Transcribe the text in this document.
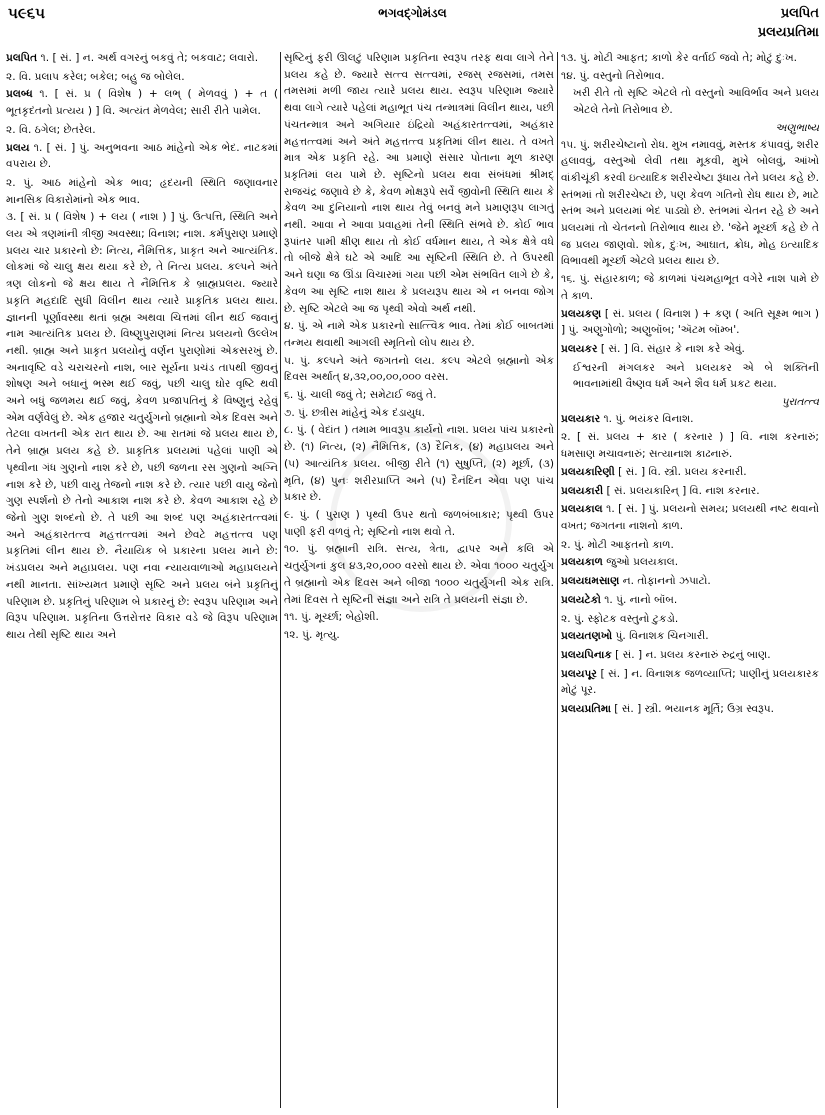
૫૯૬૫	ભગવદ્ગોમંડલ	પ્રલપિત
પ્રલયપ્રતિમા

પ્રલપિત ૧. [ સં. ] ન. અર્થ વગરનું બકવું તે; બકવાટ; લવારો.

૨. વિ. પ્રલાપ કરેલ; બકેલ; બહુ જ બોલેલ.

પ્રલબ્ધ ૧. [ સં. પ્ર ( વિશેષ ) + લભ્ ( મેળવવું ) + ત ( ભૂતકૃદંતનો પ્રત્યય ) ] વિ. અત્યંત મેળવેલ; સારી રીતે પામેલ.

૨. વિ. ઠગેલ; છેતરેલ.

પ્રલય ૧. [ સં. ] પું. અનુભવના આઠ માંહેનો એક ભેદ. નાટકમાં વપરાય છે.

૨. પું. આઠ માંહેનો એક ભાવ; હૃદયની સ્થિતિ જણાવનાર માનસિક વિકારોમાંનો એક ભાવ.

૩. [ સં. પ્ર ( વિશેષ ) + લય ( નાશ ) ] પું. ઉત્પત્તિ, સ્થિતિ અને લય એ ત્રણમાંની ત્રીજી અવસ્થા; વિનાશ; નાશ. કર્મપુરાણ પ્રમાણે પ્રલય ચાર પ્રકારનો છે: નિત્ય, નૈમિત્તિક, પ્રાકૃત અને આત્યંતિક. લોકમાં જે ચાલુ ક્ષય થયા કરે છે, તે નિત્ય પ્રલય. કલ્પને અંતે ત્રણ લોકનો જે ક્ષય થાય તે નૈમિત્તિક કે બ્રાહ્મપ્રલય. જ્યારે પ્રકૃતિ મહદાદિ સુધી વિલીન થાય ત્યારે પ્રાકૃતિક પ્રલય થાય. જ્ઞાનની પૂર્ણાવસ્થા થતાં બ્રહ્મ અથવા ચિત્તમાં લીન થઈ જવાનું નામ આત્યંતિક પ્રલય છે. વિષ્ણુપુરાણમાં નિત્ય પ્રલયનો ઉલ્લેખ નથી. બ્રાહ્મ અને પ્રાકૃત પ્રલયોનું વર્ણન પુરાણોમાં એકસરખું છે. અનાવૃષ્ટિ વડે ચરાચરનો નાશ, બાર સૂર્યના પ્રચંડ તાપથી જીવનું શોષણ અને બધાનું ભસ્મ થઈ જવું, પછી ચાલુ ઘોર વૃષ્ટિ થવી અને બધું જળમય થઈ જવું, કેવળ પ્રજાપતિનું કે વિષ્ણુનું રહેવું એમ વર્ણવેલું છે. એક હજાર ચતુર્યુગનો બ્રહ્માનો એક દિવસ અને તેટલા વખતની એક રાત થાય છે. આ રાતમાં જે પ્રલય થાય છે, તેને બ્રાહ્મ પ્રલય કહે છે. પ્રાકૃતિક પ્રલયમાં પહેલાં પાણી એ પૃથ્વીના ગંધ ગુણનો નાશ કરે છે, પછી જળના રસ ગુણનો અગ્નિ નાશ કરે છે, પછી વાયુ તેજનો નાશ કરે છે. ત્યાર પછી વાયુ જેનો ગુણ સ્પર્શનો છે તેનો આકાશ નાશ કરે છે. કેવળ આકાશ રહે છે જેનો ગુણ શબ્દનો છે. તે પછી આ શબ્દ પણ અહંકારતત્ત્વમાં અને અહંકારતત્ત્વ મહત્તત્ત્વમાં અને છેવટે મહત્તત્ત્વ પણ પ્રકૃતિમાં લીન થાય છે. નૈયાયિક બે પ્રકારના પ્રલય માને છે: ખંડપ્રલય અને મહાપ્રલય. પણ નવા ન્યાયવાળાઓ મહાપ્રલયને નથી માનતા. સાંખ્યમત પ્રમાણે સૃષ્ટિ અને પ્રલય બંને પ્રકૃતિનું પરિણામ છે. પ્રકૃતિનું પરિણામ બે પ્રકારનું છે: સ્વરૂપ પરિણામ અને વિરૂપ પરિણામ. પ્રકૃતિના ઉત્તરોત્તર વિકાર વડે જે વિરૂપ પરિણામ થાય તેથી સૃષ્ટિ થાય અને

સૃષ્ટિનું ફરી ઊલટું પરિણામ પ્રકૃતિના સ્વરૂપ તરફ થવા લાગે તેને પ્રલય કહે છે. જ્યારે સત્ત્વ સત્ત્વમાં, રજસ્ રજસમાં, તમસ તમસમાં મળી જાય ત્યારે પ્રલય થાય. સ્વરૂપ પરિણામ જ્યારે થવા લાગે ત્યારે પહેલાં મહાભૂત પંચ તન્માત્રમાં વિલીન થાય, પછી પંચતન્માત્ર અને અગિયાર ઇંદ્રિયો અહંકારતત્ત્વમાં, અહંકાર મહત્તત્ત્વમાં અને અંતે મહત્તત્ત્વ પ્રકૃતિમાં લીન થાય. તે વખતે માત્ર એક પ્રકૃતિ રહે. આ પ્રમાણે સંસાર પોતાના મૂળ કારણ પ્રકૃતિમાં લય પામે છે. સૃષ્ટિનો પ્રલય થવા સંબંધમાં શ્રીમદ્ રાજચંદ્ર જણાવે છે કે, કેવળ મોક્ષરૂપે સર્વે જીવોની સ્થિતિ થાય કે કેવળ આ દુનિયાનો નાશ થાય તેવું બનવું મને પ્રમાણરૂપ લાગતું નથી. આવા ને આવા પ્રવાહમાં તેની સ્થિતિ સંભવે છે. કોઈ ભાવ રૂપાંતર પામી ક્ષીણ થાય તો કોઈ વર્ધમાન થાય, તે એક ક્ષેત્રે વધે તો બીજે ક્ષેત્રે ઘટે એ આદિ આ સૃષ્ટિની સ્થિતિ છે. તે ઉપરથી અને ઘણા જ ઊંડા વિચારમાં ગયા પછી એમ સંભવિત લાગે છે કે, કેવળ આ સૃષ્ટિ નાશ થાય કે પ્રલયરૂપ થાય એ ન બનવા જોગ છે. સૃષ્ટિ એટલે આ જ પૃથ્વી એવો અર્થ નથી.

૪. પું. એ નામે એક પ્રકારનો સાત્ત્વિક ભાવ. તેમાં કોઈ બાબતમાં તન્મય થવાથી આગલી સ્મૃતિનો લોપ થાય છે.

૫. પું. કલ્પને અંતે જગતનો લય. કલ્પ એટલે બ્રહ્માનો એક દિવસ અર્થાત્ ૪,૩૨,૦૦,૦૦,૦૦૦ વરસ.

૬. પું. ચાલી જવું તે; સમેટાઈ જવું તે.

૭. પું. છત્રીસ માંહેનું એક દંડાયુધ.

૮. પું. ( વેદાંત ) તમામ ભાવરૂપ કાર્યનો નાશ. પ્રલય પાંચ પ્રકારનો છે. (૧) નિત્ય, (૨) નૈમિત્તિક, (૩) દૈનિક, (૪) મહાપ્રલય અને (૫) આત્યંતિક પ્રલય. બીજી રીતે (૧) સુષુપ્તિ, (૨) મૂર્છા, (૩) મૃતિ, (૪) પુનઃ શરીરપ્રાપ્તિ અને (૫) દૈનંદિન એવા પણ પાંચ પ્રકાર છે.

૯. પું. ( પુરાણ ) પૃથ્વી ઉપર થતો જળબંબાકાર; પૃથ્વી ઉપર પાણી ફરી વળવું તે; સૃષ્ટિનો નાશ થવો તે.

૧૦. પું. બ્રહ્માની રાત્રિ. સત્ય, ત્રેતા, દ્વાપર અને કલિ એ ચતુર્યુગનાં કુલ ૪૩,૨૦,૦૦૦ વરસો થાય છે. એવા ૧૦૦૦ ચતુર્યુગ તે બ્રહ્માનો એક દિવસ અને બીજા ૧૦૦૦ ચતુર્યુગની એક રાત્રિ. તેમાં દિવસ તે સૃષ્ટિની સંજ્ઞા અને રાત્રિ તે પ્રલયની સંજ્ઞા છે.

૧૧. પું. મૂર્ચ્છા; બેહોશી.

૧૨. પું. મૃત્યુ.

૧૩. પું. મોટી આફત; કાળો કેર વર્તાઈ જવો તે; મોટું દુઃખ.

૧૪. પું. વસ્તુનો તિરોભાવ.

ખરી રીતે તો સૃષ્ટિ એટલે તો વસ્તુનો આવિર્ભાવ અને પ્રલય એટલે તેનો તિરોભાવ છે.

અણુભાષ્ય

૧૫. પું. શરીરચેષ્ટાનો રોધ. મુખ નમાવવું, મસ્તક કંપાવવું, શરીર હલાવવું, વસ્તુઓ લેવી તથા મૂકવી, મુખે બોલવું, આંખો વાંકીચૂંકી કરવી ઇત્યાદિક શરીરચેષ્ટા રૂંધાય તેને પ્રલય કહે છે. સ્તંભમાં તો શરીરચેષ્ટા છે, પણ કેવળ ગતિનો રોધ થાય છે, માટે સ્તંભ અને પ્રલયમાં ભેદ પાડ્યો છે. સ્તંભમાં ચેતન રહે છે અને પ્રલયમાં તો ચેતનનો તિરોભાવ થાય છે. 'જેને મૂર્ચ્છા કહે છે તે જ પ્રલય જાણવો. શોક, દુઃખ, આઘાત, ક્રોધ, મોહ ઇત્યાદિક વિભાવથી મૂર્ચ્છા એટલે પ્રલય થાય છે.

૧૬. પું. સંહારકાળ; જે કાળમાં પંચમહાભૂત વગેરે નાશ પામે છે તે કાળ.

પ્રલયકણ [ સં. પ્રલય ( વિનાશ ) + કણ ( અતિ સૂક્ષ્મ ભાગ ) ] પું. અણુગોળો; અણુબૉંબ; 'ઍટમ બૉમ્બ'.

પ્રલયકર [ સં. ] વિ. સંહાર કે નાશ કરે એવું.

ઈશ્વરની મંગલકર અને પ્રલયકર એ બે શક્તિની ભાવનામાંથી વૈષ્ણવ ધર્મ અને શૈવ ધર્મ પ્રકટ થયા.

પુરાતત્ત્વ

પ્રલયકાર ૧. પું. ભયંકર વિનાશ.

૨. [ સં. પ્રલય + કાર ( કરનાર ) ] વિ. નાશ કરનારું; ધમસાણ મચાવનારું; સત્યાનાશ કાઢનારું.

પ્રલયકારિણી [ સં. ] વિ. સ્ત્રી. પ્રલય કરનારી.

પ્રલયકારી [ સં. પ્રલયકારિન્ ] વિ. નાશ કરનાર.

પ્રલયકાલ ૧. [ સં. ] પું. પ્રલયનો સમય; પ્રલયથી નષ્ટ થવાનો વખત; જગતના નાશનો કાળ.

૨. પું. મોટી આફતનો કાળ.

પ્રલયકાળ જુઓ પ્રલયકાલ.

પ્રલયઘમસાણ ન. તોફાનનો ઝપાટો.

પ્રલયટેકો ૧. પું. નાનો બૉંબ.

૨. પું. સ્ફોટક વસ્તુનો ટુકડો.

પ્રલયતણખો પું. વિનાશક ચિનગારી.

પ્રલયપિનાક [ સં. ] ન. પ્રલય કરનારું રુદ્રનું બાણ.

પ્રલયપૂર [ સં. ] ન. વિનાશક જળવ્યાપ્તિ; પાણીનું પ્રલયકારક મોટું પૂર.

પ્રલયપ્રતિમા [ સં. ] સ્ત્રી. ભયાનક મૂર્તિ; ઉગ્ર સ્વરૂપ.
